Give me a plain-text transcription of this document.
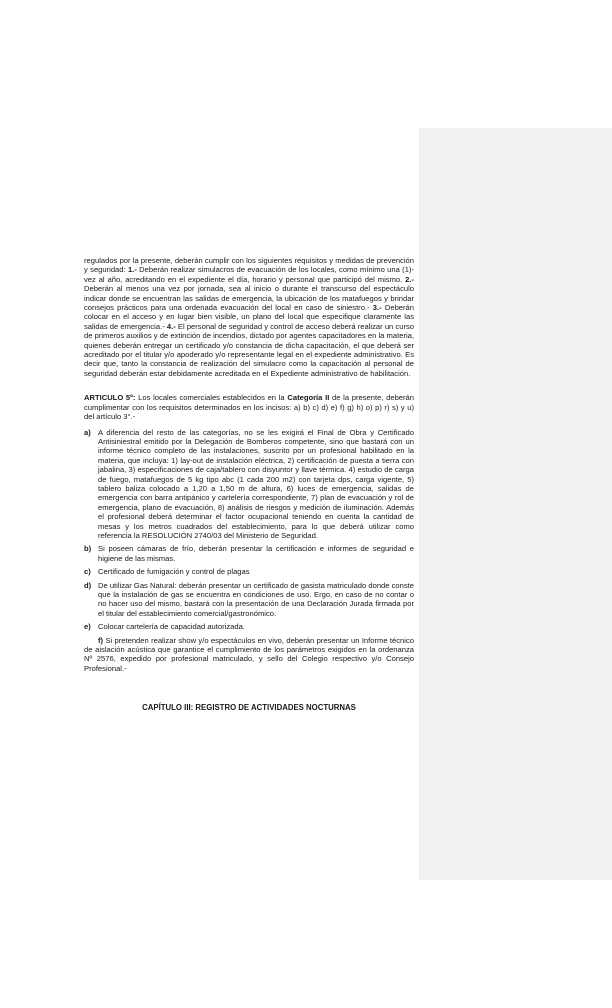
regulados por la presente, deberán cumplir con los siguientes requisitos y medidas de prevención y seguridad: 1.- Deberán realizar simulacros de evacuación de los locales, como mínimo una (1)- vez al año, acreditando en el expediente el día, horario y personal que participó del mismo. 2.- Deberán al menos una vez por jornada, sea al inicio o durante el transcurso del espectáculo indicar donde se encuentran las salidas de emergencia, la ubicación de los matafuegos y brindar consejos prácticos para una ordenada evacuación del local en caso de siniestro.- 3.- Deberán colocar en el acceso y en lugar bien visible, un plano del local que especifique claramente las salidas de emergencia.- 4.- El personal de seguridad y control de acceso deberá realizar un curso de primeros auxilios y de extinción de incendios, dictado por agentes capacitadores en la materia, quienes deberán entregar un certificado y/o constancia de dicha capacitación, el que deberá ser acreditado por el titular y/o apoderado y/o representante legal en el expediente administrativo. Es decir que, tanto la constancia de realización del simulacro como la capacitación al personal de seguridad deberán estar debidamente acreditada en el Expediente administrativo de habilitación.

ARTICULO 5º: Los locales comerciales establecidos en la Categoría II de la presente, deberán cumplimentar con los requisitos determinados en los incisos: a) b) c) d) e) f) g) h) o) p) r) s) y u) del artículo 3°.-

a) A diferencia del resto de las categorías, no se les exigirá el Final de Obra y Certificado Antisiniestral emitido por la Delegación de Bomberos competente, sino que bastará con un informe técnico completo de las instalaciones, suscrito por un profesional habilitado en la materia, que incluya: 1) lay-out de instalación eléctrica, 2) certificación de puesta a tierra con jabalina, 3) especificaciones de caja/tablero con disyuntor y llave térmica. 4) estudio de carga de fuego, matafuegos de 5 kg tipo abc (1 cada 200 m2) con tarjeta dps, carga vigente, 5) tablero baliza colocado a 1,20 a 1,50 m de altura, 6) luces de emergencia, salidas de emergencia con barra antipánico y cartelería correspondiente, 7) plan de evacuación y rol de emergencia, plano de evacuación, 8) análisis de riesgos y medición de iluminación. Además el profesional deberá determinar el factor ocupacional teniendo en cuenta la cantidad de mesas y los metros cuadrados del establecimiento, para lo que deberá utilizar como referencia la RESOLUCIÓN 2740/03 del Ministerio de Seguridad.
b) Si poseen cámaras de frío, deberán presentar la certificación e informes de seguridad e higiene de las mismas.
c) Certificado de fumigación y control de plagas
d) De utilizar Gas Natural: deberán presentar un certificado de gasista matriculado donde conste que la instalación de gas se encuentra en condiciones de uso. Ergo, en caso de no contar o no hacer uso del mismo, bastará con la presentación de una Declaración Jurada firmada por el titular del establecimiento comercial/gastronómico.
e) Colocar cartelería de capacidad autorizada.

f) Si pretenden realizar show y/o espectáculos en vivo, deberán presentar un Informe técnico de aislación acústica que garantice el cumplimiento de los parámetros exigidos en la ordenanza Nº 2576, expedido por profesional matriculado, y sello del Colegio respectivo y/o Consejo Profesional.-

CAPÍTULO III: REGISTRO DE ACTIVIDADES NOCTURNAS
